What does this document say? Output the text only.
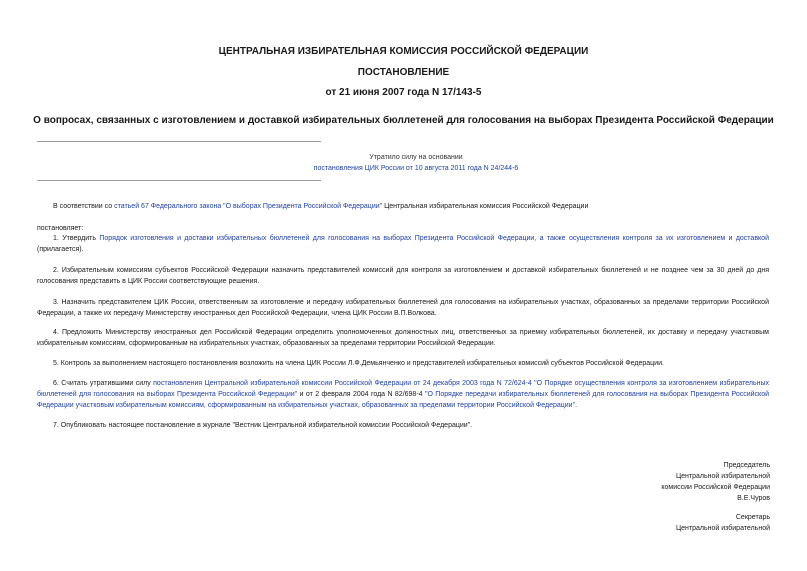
ЦЕНТРАЛЬНАЯ ИЗБИРАТЕЛЬНАЯ КОМИССИЯ РОССИЙСКОЙ ФЕДЕРАЦИИ
ПОСТАНОВЛЕНИЕ
от 21 июня 2007 года N 17/143-5
О вопросах, связанных с изготовлением и доставкой избирательных бюллетеней для голосования на выборах Президента Российской Федерации
Утратило силу на основании
постановления ЦИК России от 10 августа 2011 года N 24/244-6
В соответствии со статьей 67 Федерального закона "О выборах Президента Российской Федерации" Центральная избирательная комиссия Российской Федерации
постановляет:
1. Утвердить Порядок изготовления и доставки избирательных бюллетеней для голосования на выборах Президента Российской Федерации, а также осуществления контроля за их изготовлением и доставкой (прилагается).
2. Избирательным комиссиям субъектов Российской Федерации назначить представителей комиссий для контроля за изготовлением и доставкой избирательных бюллетеней и не позднее чем за 30 дней до дня голосования представить в ЦИК России соответствующие решения.
3. Назначить представителем ЦИК России, ответственным за изготовление и передачу избирательных бюллетеней для голосования на избирательных участках, образованных за пределами территории Российской Федерации, а также их передачу Министерству иностранных дел Российской Федерации, члена ЦИК России В.П.Волкова.
4. Предложить Министерству иностранных дел Российской Федерации определить уполномоченных должностных лиц, ответственных за приемку избирательных бюллетеней, их доставку и передачу участковым избирательным комиссиям, сформированным на избирательных участках, образованных за пределами территории Российской Федерации.
5. Контроль за выполнением настоящего постановления возложить на члена ЦИК России Л.Ф.Демьянченко и представителей избирательных комиссий субъектов Российской Федерации.
6. Считать утратившими силу постановления Центральной избирательной комиссии Российской Федерации от 24 декабря 2003 года N 72/624-4 "О Порядке осуществления контроля за изготовлением избирательных бюллетеней для голосования на выборах Президента Российской Федерации" и от 2 февраля 2004 года N 82/698-4 "О Порядке передачи избирательных бюллетеней для голосования на выборах Президента Российской Федерации участковым избирательным комиссиям, сформированным на избирательных участках, образованных за пределами территории Российской Федерации".
7. Опубликовать настоящее постановление в журнале "Вестник Центральной избирательной комиссии Российской Федерации".
Председатель
Центральной избирательной
комиссии Российской Федерации
В.Е.Чуров
Секретарь
Центральной избирательной
